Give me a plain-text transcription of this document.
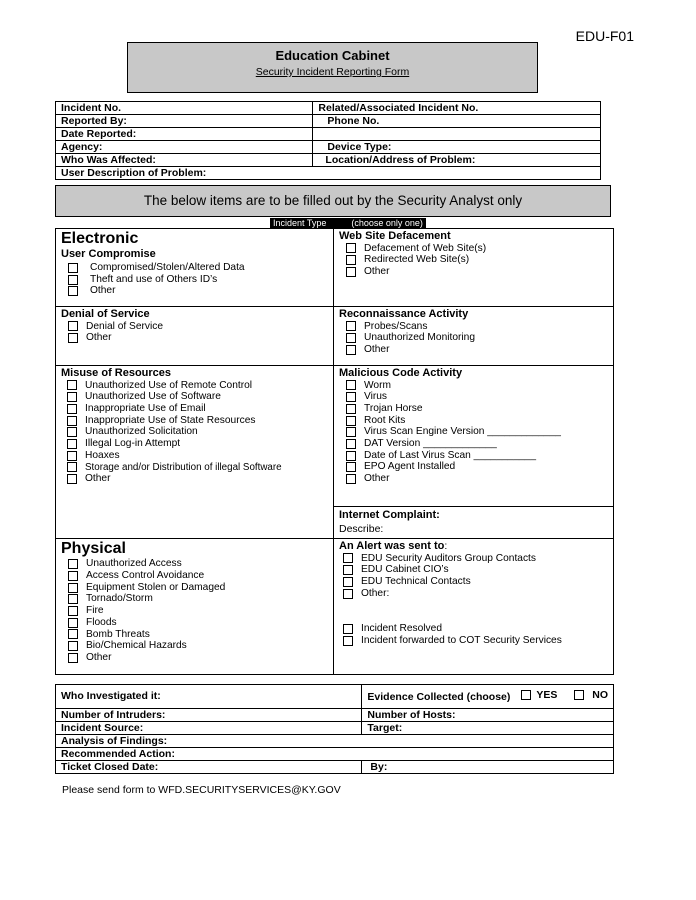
EDU-F01
Education Cabinet
Security Incident Reporting Form
Incident No.	Related/Associated Incident No.
Reported By:	Phone No.
Date Reported:	
Agency:	Device Type:
Who Was Affected:	Location/Address of Problem:
User Description of Problem:	
The below items are to be filled out by the Security Analyst only
Incident Type          (choose only one)
Electronic
User Compromise
Compromised/Stolen/Altered Data
Theft and use of Others ID’s
Other
Web Site Defacement
Defacement of Web Site(s)
Redirected Web Site(s)
Other
Denial of Service
Denial of Service
Other
Reconnaissance Activity
Probes/Scans
Unauthorized Monitoring
Other
Misuse of Resources
Unauthorized Use of Remote Control
Unauthorized Use of Software
Inappropriate Use of Email
Inappropriate Use of State Resources
Unauthorized Solicitation
Illegal Log-in Attempt
Hoaxes
Storage and/or Distribution of illegal Software
Other
Malicious Code Activity
Worm
Virus
Trojan Horse
Root Kits
Virus Scan Engine Version _____________
DAT Version _____________
Date of Last Virus Scan ___________
EPO Agent Installed
Other
Internet Complaint:
Describe:
Physical
Unauthorized Access
Access Control Avoidance
Equipment Stolen or Damaged
Tornado/Storm
Fire
Floods
Bomb Threats
Bio/Chemical Hazards
Other
An Alert was sent to:
EDU Security Auditors Group Contacts
EDU Cabinet CIO’s
EDU Technical Contacts
Other:
Incident Resolved
Incident forwarded to COT Security Services
Who Investigated it:	Evidence Collected (choose) YES
NO

Number of Intruders:	Number of Hosts:
Incident Source:	Target:
Analysis of Findings:	
Recommended Action:	
Ticket Closed Date:	By:
Please send form to WFD.SECURITYSERVICES@KY.GOV
